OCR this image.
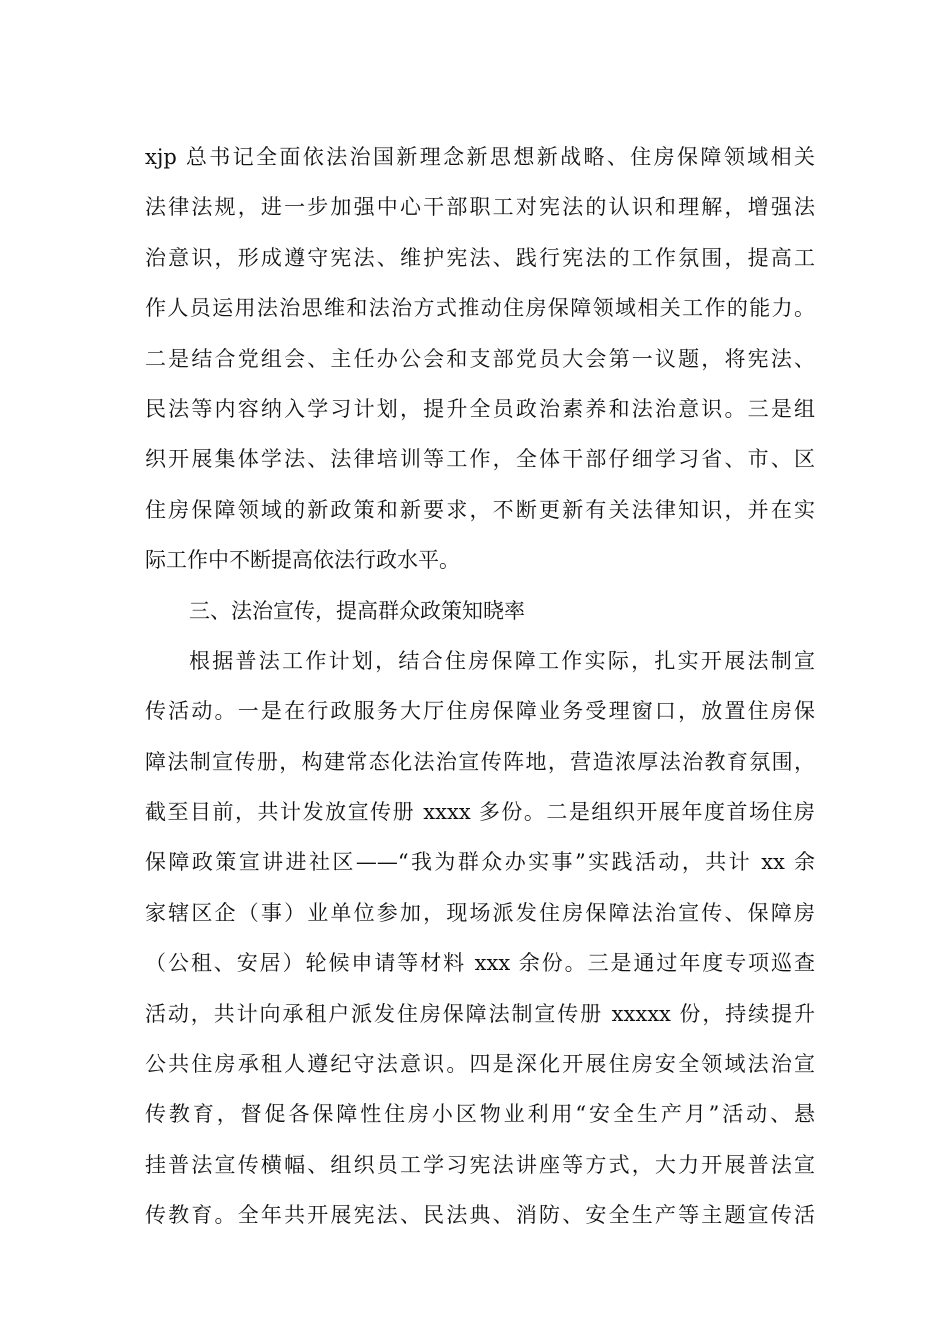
xjp 总书记全面依法治国新理念新思想新战略、住房保障领域相关
法律法规，进一步加强中心干部职工对宪法的认识和理解，增强法
治意识，形成遵守宪法、维护宪法、践行宪法的工作氛围，提高工
作人员运用法治思维和法治方式推动住房保障领域相关工作的能力。
二是结合党组会、主任办公会和支部党员大会第一议题，将宪法、
民法等内容纳入学习计划，提升全员政治素养和法治意识。三是组
织开展集体学法、法律培训等工作，全体干部仔细学习省、市、区
住房保障领域的新政策和新要求，不断更新有关法律知识，并在实
际工作中不断提高依法行政水平。
三、法治宣传，提高群众政策知晓率
根据普法工作计划，结合住房保障工作实际，扎实开展法制宣
传活动。一是在行政服务大厅住房保障业务受理窗口，放置住房保
障法制宣传册，构建常态化法治宣传阵地，营造浓厚法治教育氛围，
截至目前，共计发放宣传册 xxxx 多份。二是组织开展年度首场住房
保障政策宣讲进社区——“我为群众办实事”实践活动，共计 xx 余
家辖区企（事）业单位参加，现场派发住房保障法治宣传、保障房
（公租、安居）轮候申请等材料 xxx 余份。三是通过年度专项巡查
活动，共计向承租户派发住房保障法制宣传册 xxxxx 份，持续提升
公共住房承租人遵纪守法意识。四是深化开展住房安全领域法治宣
传教育，督促各保障性住房小区物业利用“安全生产月”活动、悬
挂普法宣传横幅、组织员工学习宪法讲座等方式，大力开展普法宣
传教育。全年共开展宪法、民法典、消防、安全生产等主题宣传活
